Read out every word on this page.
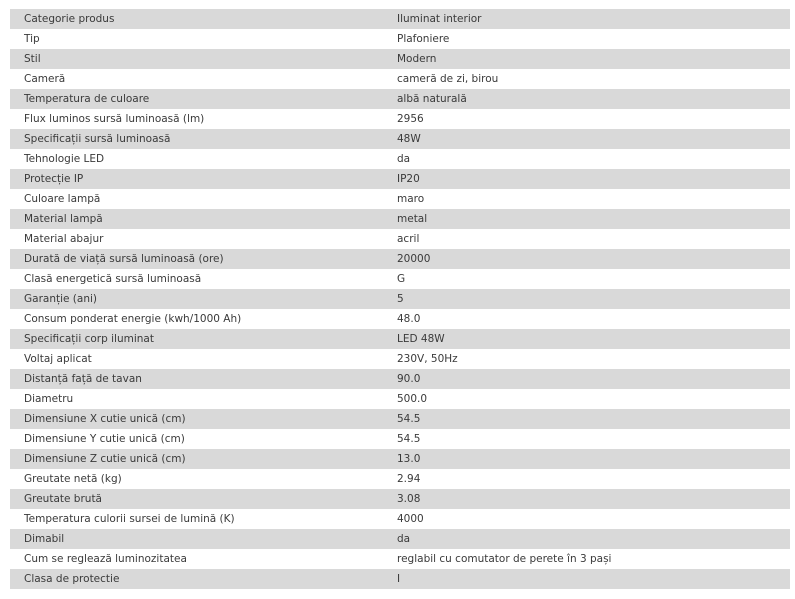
Categorie produs	Iluminat interior
Tip	Plafoniere
Stil	Modern
Cameră	cameră de zi, birou
Temperatura de culoare	albă naturală
Flux luminos sursă luminoasă (lm)	2956
Specificații sursă luminoasă	48W
Tehnologie LED	da
Protecție IP	IP20
Culoare lampă	maro
Material lampă	metal
Material abajur	acril
Durată de viață sursă luminoasă (ore)	20000
Clasă energetică sursă luminoasă	G
Garanție (ani)	5
Consum ponderat energie (kwh/1000 Ah)	48.0
Specificații corp iluminat	LED 48W
Voltaj aplicat	230V, 50Hz
Distanță față de tavan	90.0
Diametru	500.0
Dimensiune X cutie unică (cm)	54.5
Dimensiune Y cutie unică (cm)	54.5
Dimensiune Z cutie unică (cm)	13.0
Greutate netă (kg)	2.94
Greutate brută	3.08
Temperatura culorii sursei de lumină (K)	4000
Dimabil	da
Cum se reglează luminozitatea	reglabil cu comutator de perete în 3 pași
Clasa de protectie	I
